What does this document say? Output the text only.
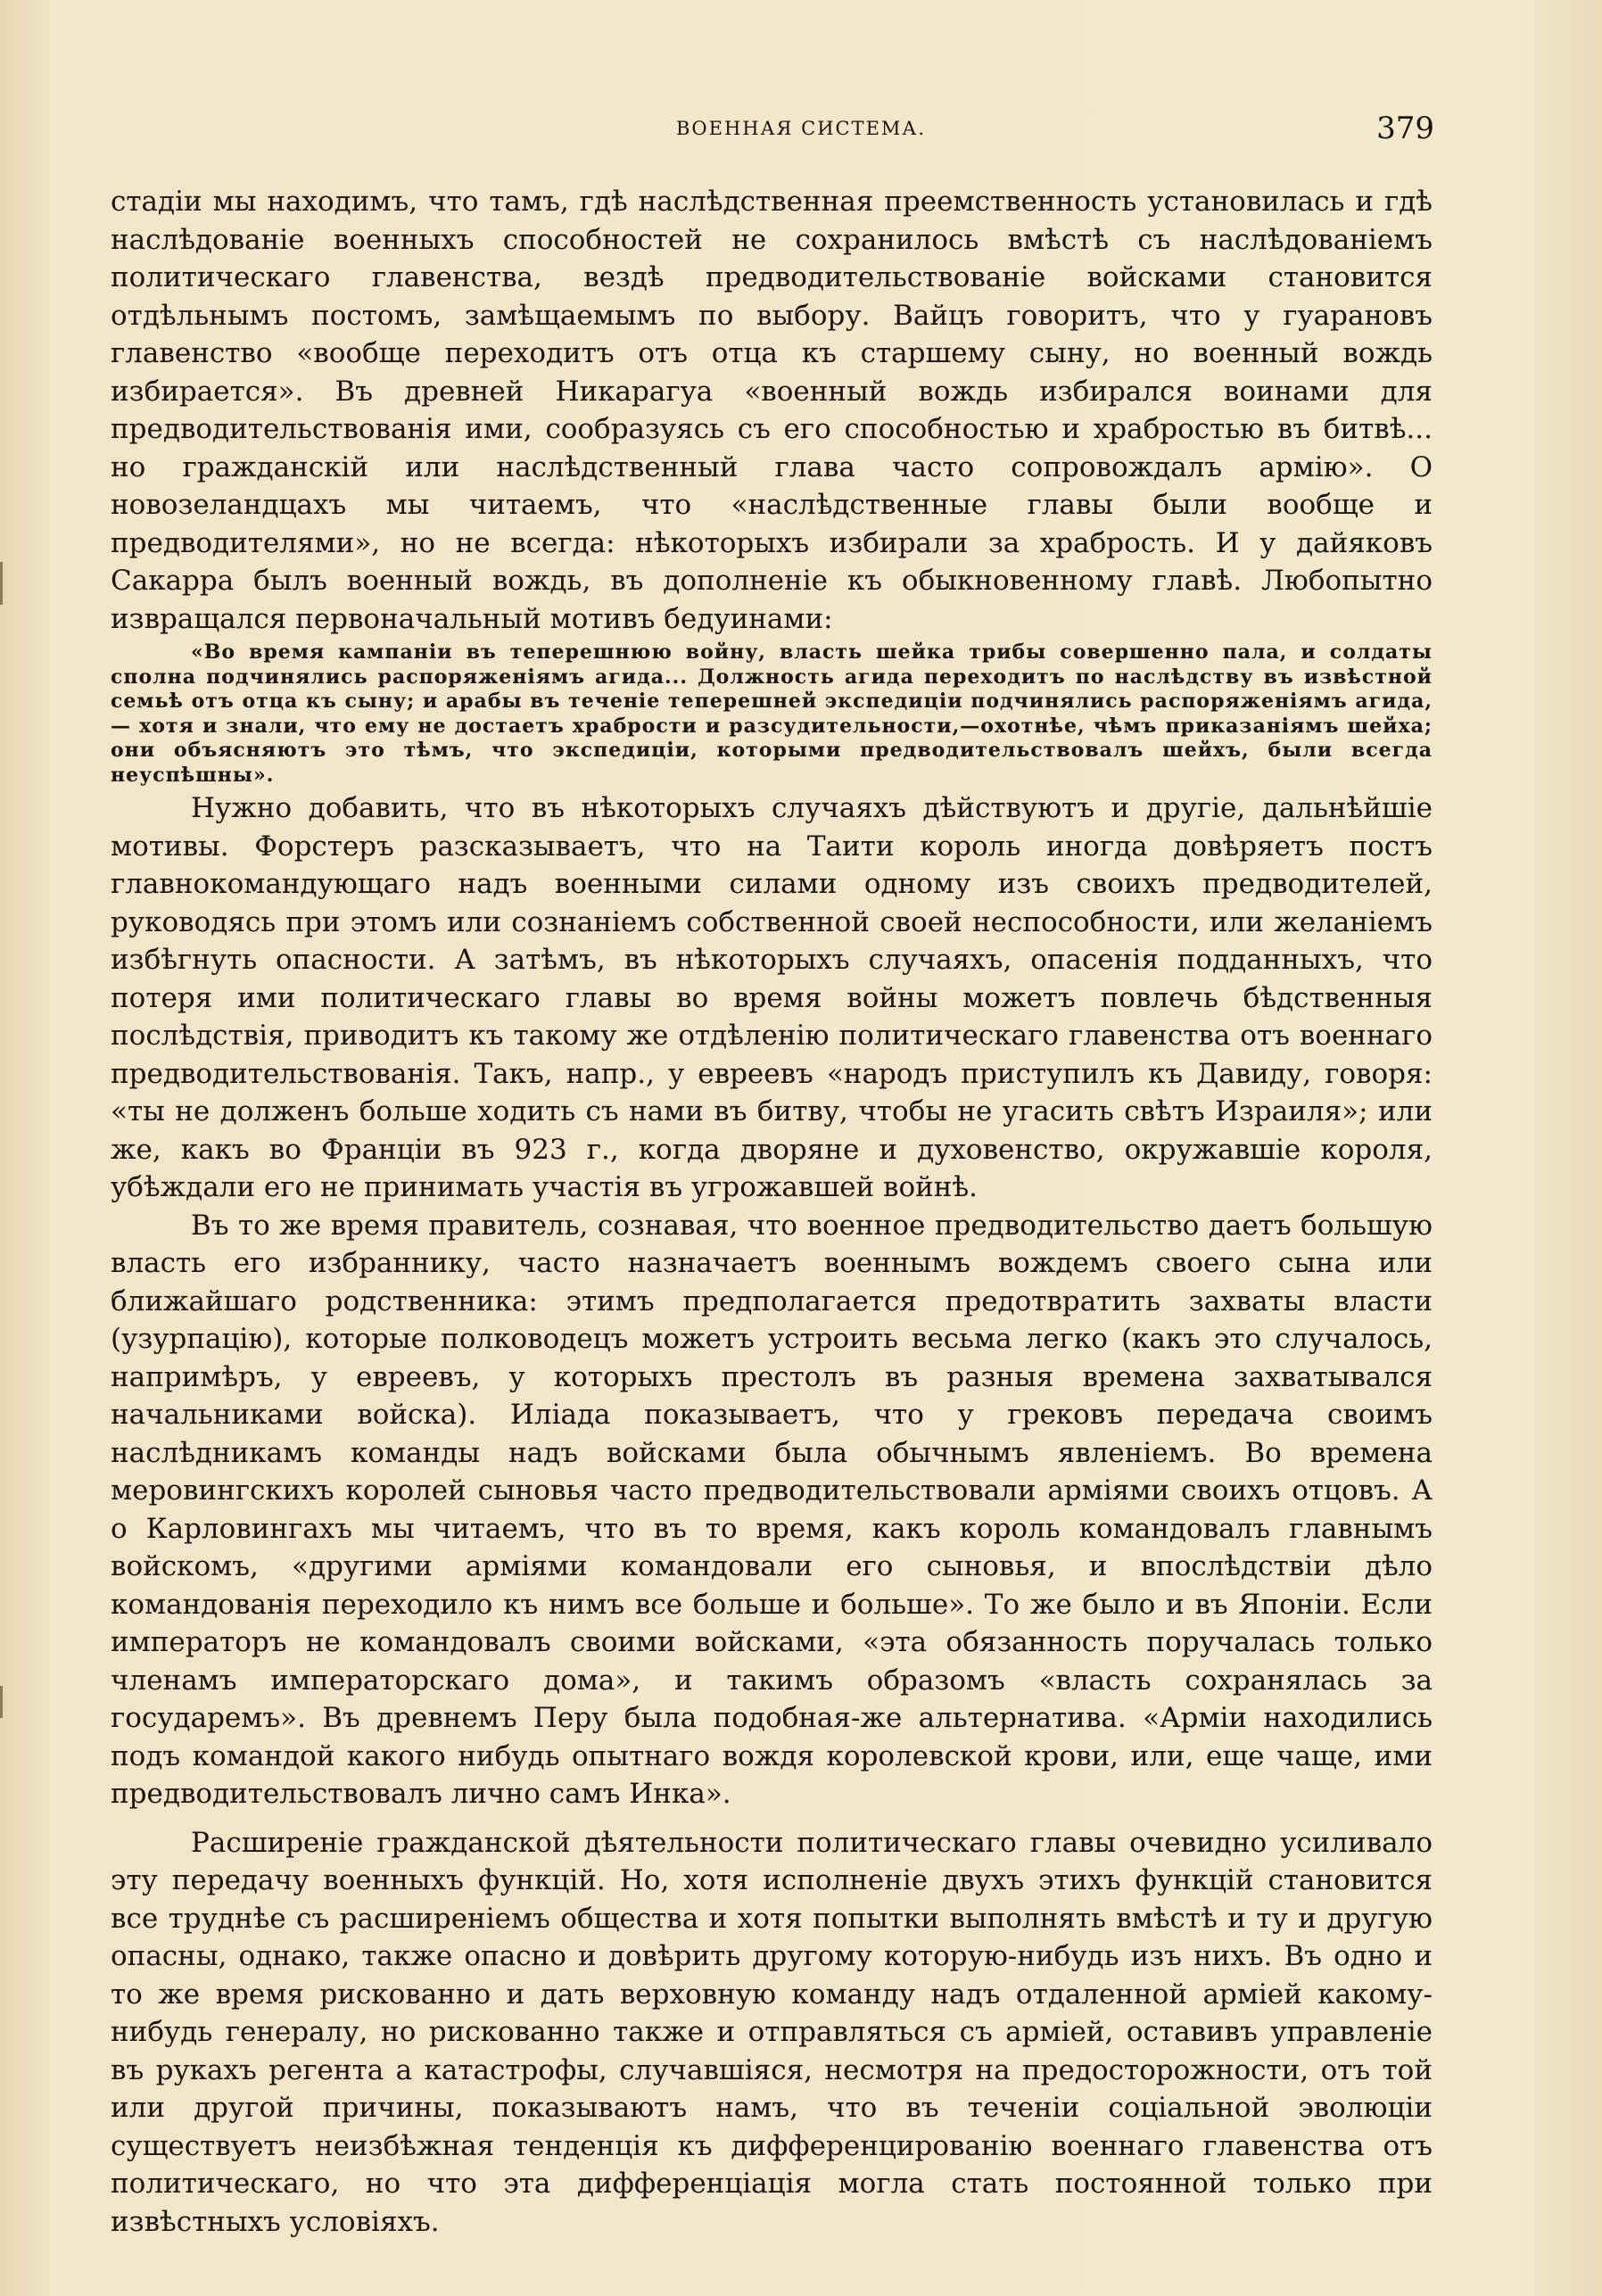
ВОЕННАЯ СИСТЕМА.	379

стадіи мы находимъ, что тамъ, гдѣ наслѣдственная преемственность установилась и гдѣ наслѣдованіе военныхъ способностей не сохранилось вмѣстѣ съ наслѣдованіемъ политическаго главенства, вездѣ предводительствованіе войсками становится отдѣльнымъ постомъ, замѣщаемымъ по выбору. Вайцъ говоритъ, что у гуарановъ главенство «вообще переходитъ отъ отца къ старшему сыну, но военный вождь избирается». Въ древней Никарагуа «военный вождь избирался воинами для предводительствованія ими, сообразуясь съ его способностью и храбростью въ битвѣ... но гражданскій или наслѣдственный глава часто сопровождалъ армію». О новозеландцахъ мы читаемъ, что «наслѣдственные главы были вообще и предводителями», но не всегда: нѣкоторыхъ избирали за храбрость. И у дайяковъ Сакарра былъ военный вождь, въ дополненіе къ обыкновенному главѣ. Любопытно извращался первоначальный мотивъ бедуинами:

«Во время кампаніи въ теперешнюю войну, власть шейка трибы совершенно пала, и солдаты сполна подчинялись распоряженіямъ агида... Должность агида переходитъ по наслѣдству въ извѣстной семьѣ отъ отца къ сыну; и арабы въ теченіе теперешней экспедиціи подчинялись распоряженіямъ агида, — хотя и знали, что ему не достаетъ храбрости и разсудительности,—охотнѣе, чѣмъ приказаніямъ шейха; они объясняютъ это тѣмъ, что экспедиціи, которыми предводительствовалъ шейхъ, были всегда неуспѣшны».

Нужно добавить, что въ нѣкоторыхъ случаяхъ дѣйствуютъ и другіе, дальнѣйшіе мотивы. Форстеръ разсказываетъ, что на Таити король иногда довѣряетъ постъ главнокомандующаго надъ военными силами одному изъ своихъ предводителей, руководясь при этомъ или сознаніемъ собственной своей неспособности, или желаніемъ избѣгнуть опасности. А затѣмъ, въ нѣкоторыхъ случаяхъ, опасенія подданныхъ, что потеря ими политическаго главы во время войны можетъ повлечь бѣдственныя послѣдствія, приводитъ къ такому же отдѣленію политическаго главенства отъ военнаго предводительствованія. Такъ, напр., у евреевъ «народъ приступилъ къ Давиду, говоря: «ты не долженъ больше ходить съ нами въ битву, чтобы не угасить свѣтъ Израиля»; или же, какъ во Франціи въ 923 г., когда дворяне и духовенство, окружавшіе короля, убѣждали его не принимать участія въ угрожавшей войнѣ.

Въ то же время правитель, сознавая, что военное предводительство даетъ большую власть его избраннику, часто назначаетъ военнымъ вождемъ своего сына или ближайшаго родственника: этимъ предполагается предотвратить захваты власти (узурпацію), которые полководецъ можетъ устроить весьма легко (какъ это случалось, напримѣръ, у евреевъ, у которыхъ престолъ въ разныя времена захватывался начальниками войска). Иліада показываетъ, что у грековъ передача своимъ наслѣдникамъ команды надъ войсками была обычнымъ явленіемъ. Во времена меровингскихъ королей сыновья часто предводительствовали арміями своихъ отцовъ. А о Карловингахъ мы читаемъ, что въ то время, какъ король командовалъ главнымъ войскомъ, «другими арміями командовали его сыновья, и впослѣдствіи дѣло командованія переходило къ нимъ все больше и больше». То же было и въ Японіи. Если императоръ не командовалъ своими войсками, «эта обязанность поручалась только членамъ императорскаго дома», и такимъ образомъ «власть сохранялась за государемъ». Въ древнемъ Перу была подобная-же альтернатива. «Арміи находились подъ командой какого нибудь опытнаго вождя королевской крови, или, еще чаще, ими предводительствовалъ лично самъ Инка».

Расширеніе гражданской дѣятельности политическаго главы очевидно усиливало эту передачу военныхъ функцій. Но, хотя исполненіе двухъ этихъ функцій становится все труднѣе съ расширеніемъ общества и хотя попытки выполнять вмѣстѣ и ту и другую опасны, однако, также опасно и довѣрить другому которую-нибудь изъ нихъ. Въ одно и то же время рискованно и дать верховную команду надъ отдаленной арміей какому-нибудь генералу, но рискованно также и отправляться съ арміей, оставивъ управленіе въ рукахъ регента а катастрофы, случавшіяся, несмотря на предосторожности, отъ той или другой причины, показываютъ намъ, что въ теченіи соціальной эволюціи существуетъ неизбѣжная тенденція къ дифференцированію военнаго главенства отъ политическаго, но что эта дифференціація могла стать постоянной только при извѣстныхъ условіяхъ.
